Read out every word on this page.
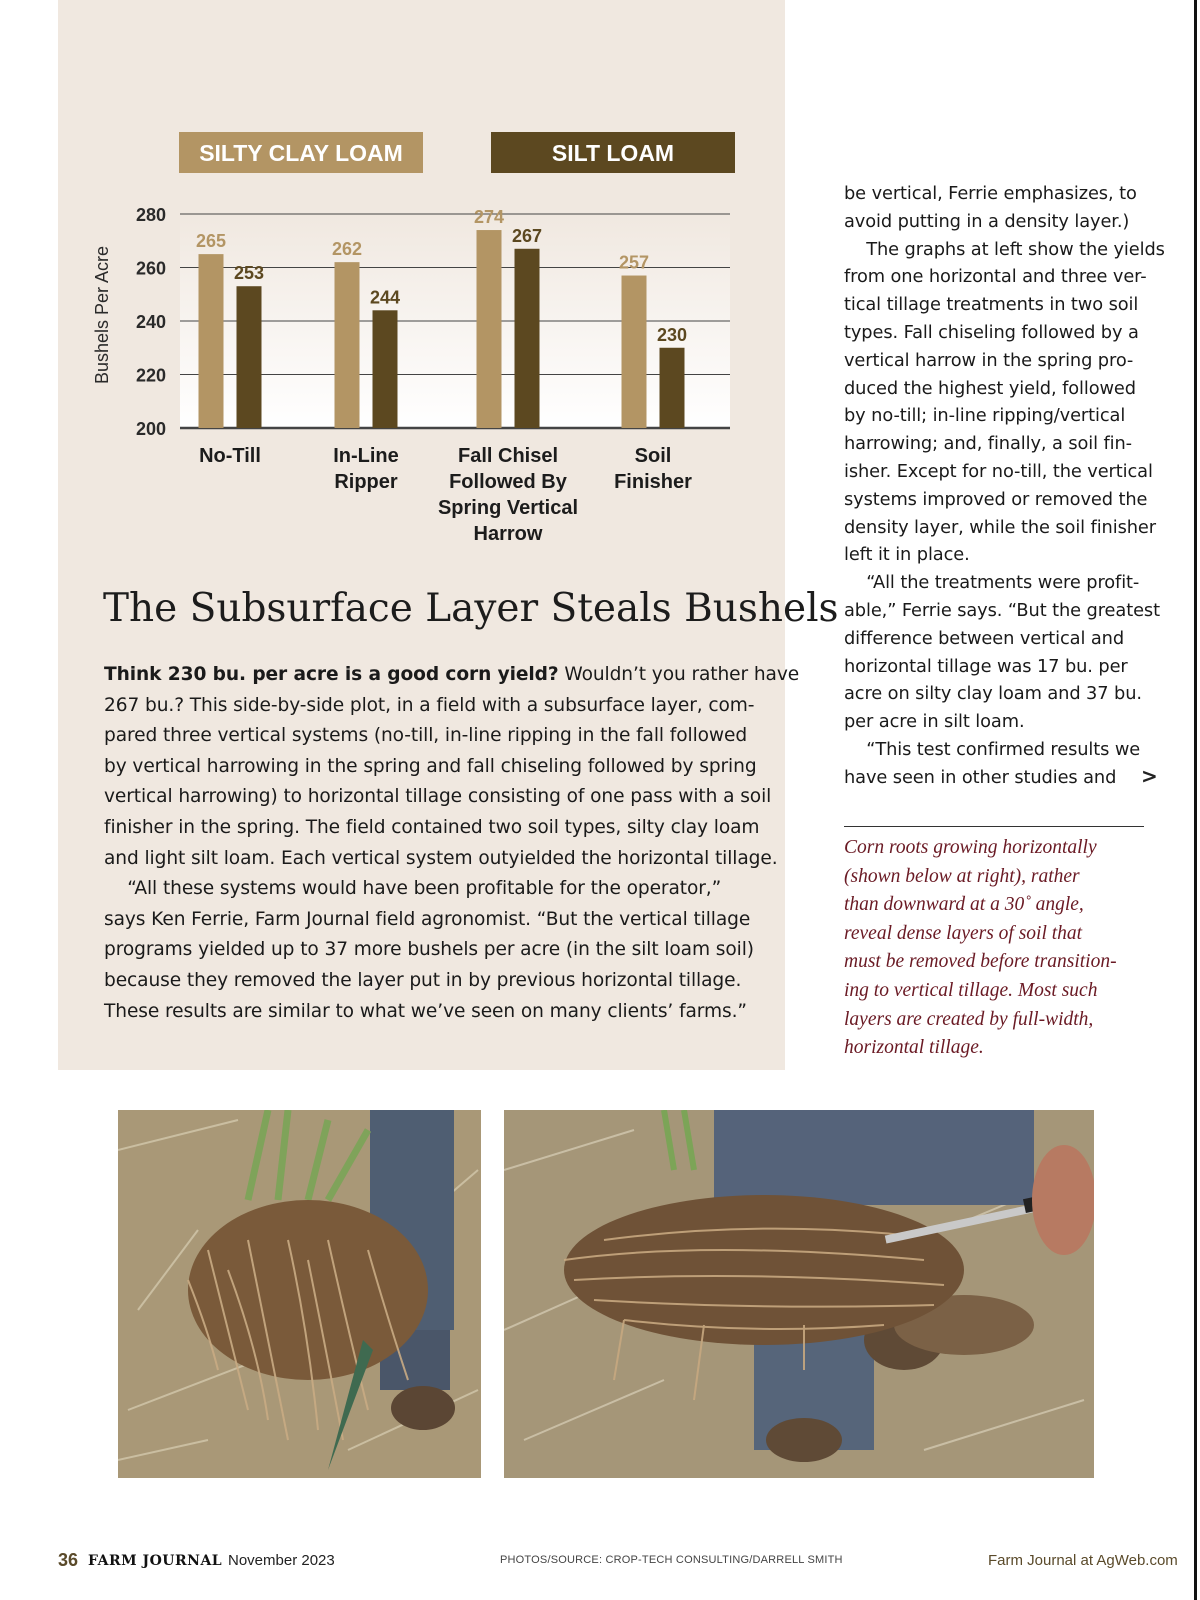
200
220
240
260
280
Bushels Per Acre
SILTY CLAY LOAM	SILT LOAM
265
253
No-Till
262
244
In-Line
Ripper
274
267
Fall Chisel
Followed By
Spring Vertical
Harrow
257
230
Soil
Finisher
The Subsurface Layer Steals Bushels
Think 230 bu. per acre is a good corn yield? Wouldn’t you rather have
267 bu.? This side-by-side plot, in a field with a subsurface layer, com-
pared three vertical systems (no-till, in-line ripping in the fall followed
by vertical harrowing in the spring and fall chiseling followed by spring
vertical harrowing) to horizontal tillage consisting of one pass with a soil
finisher in the spring. The field contained two soil types, silty clay loam
and light silt loam. Each vertical system outyielded the horizontal tillage.
“All these systems would have been profitable for the operator,”
says Ken Ferrie, Farm Journal field agronomist. “But the vertical tillage
programs yielded up to 37 more bushels per acre (in the silt loam soil)
because they removed the layer put in by previous horizontal tillage.
These results are similar to what we’ve seen on many clients’ farms.”
be vertical, Ferrie emphasizes, to
avoid putting in a density layer.)
The graphs at left show the yields
from one horizontal and three ver-
tical tillage treatments in two soil
types. Fall chiseling followed by a
vertical harrow in the spring pro-
duced the highest yield, followed
by no-till; in-line ripping/vertical
harrowing; and, finally, a soil fin-
isher. Except for no-till, the vertical
systems improved or removed the
density layer, while the soil finisher
left it in place.
“All the treatments were profit-
able,” Ferrie says. “But the greatest
difference between vertical and
horizontal tillage was 17 bu. per
acre on silty clay loam and 37 bu.
per acre in silt loam.
“This test confirmed results we
have seen in other studies and	>
Corn roots growing horizontally
(shown below at right), rather
than downward at a 30˚ angle,
reveal dense layers of soil that
must be removed before transition-
ing to vertical tillage. Most such
layers are created by full-width,
horizontal tillage.
36 FARM JOURNAL November 2023	PHOTOS/SOURCE: CROP-TECH CONSULTING/DARRELL SMITH	Farm Journal at AgWeb.com
